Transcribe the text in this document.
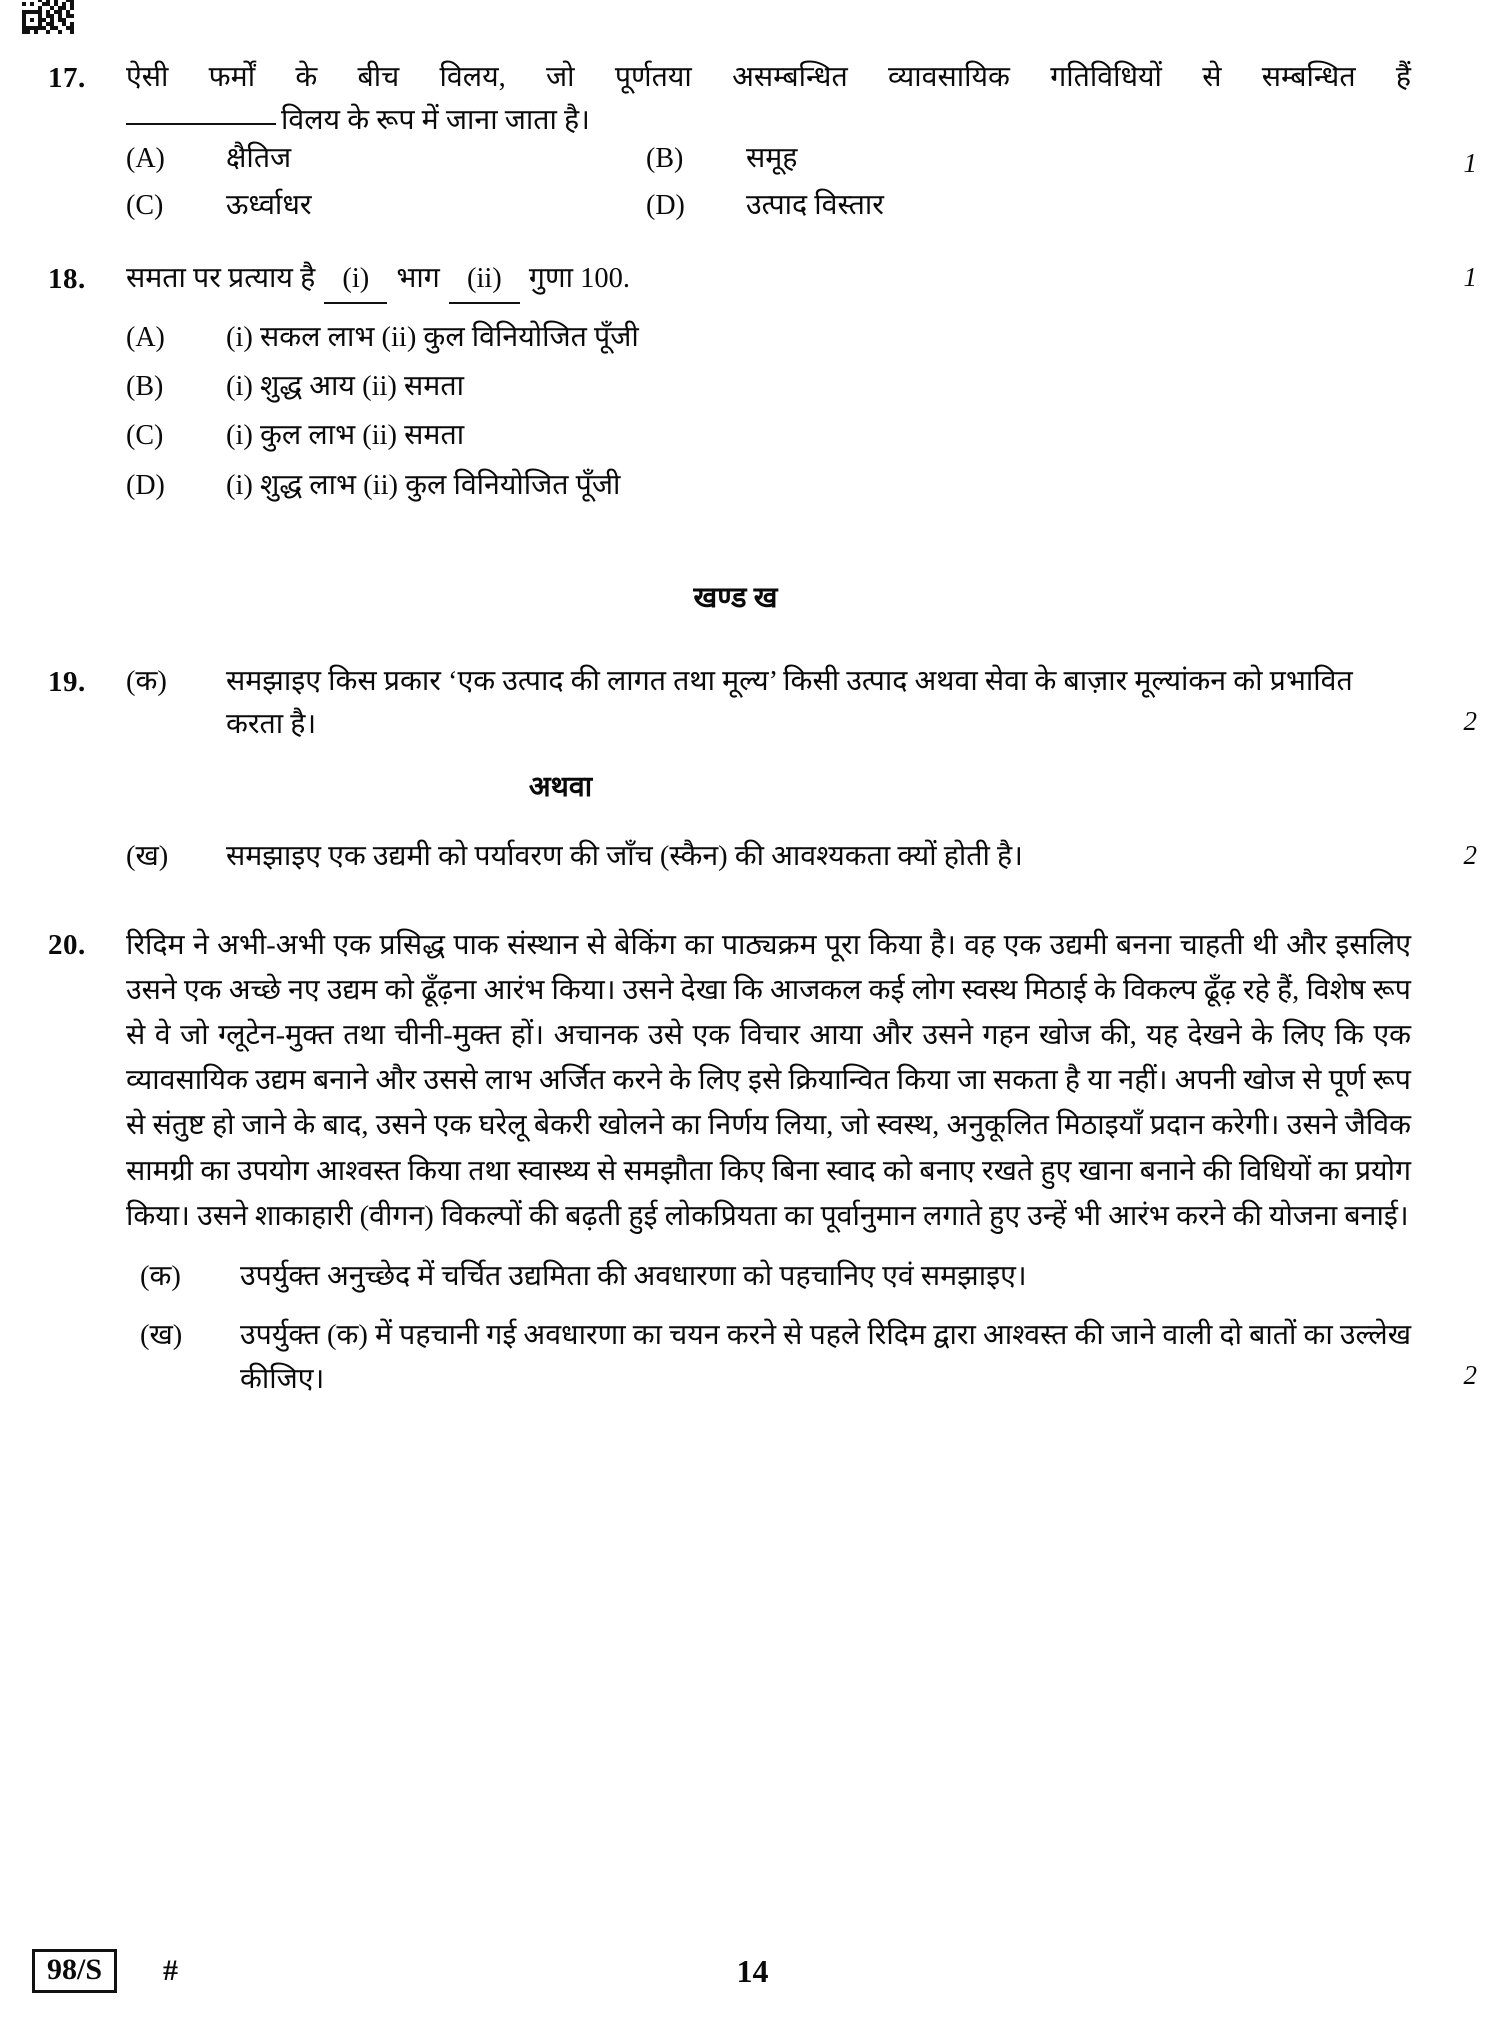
17.	ऐसी फर्मों के बीच विलय, जो पूर्णतया असम्बन्धित व्यावसायिक गतिविधियों से सम्बन्धित हैं
विलय के रूप में जाना जाता है।

1

(A)	क्षैतिज	(B)	समूह
(C)	ऊर्ध्वाधर	(D)	उत्पाद विस्तार

18.	समता पर प्रत्याय है (i) भाग (ii) गुणा 100.
(A)	(i) सकल लाभ (ii) कुल विनियोजित पूँजी
(B)	(i) शुद्ध आय (ii) समता
(C)	(i) कुल लाभ (ii) समता
(D)	(i) शुद्ध लाभ (ii) कुल विनियोजित पूँजी
1
खण्ड ख
19.	(क)	समझाइए किस प्रकार ‘एक उत्पाद की लागत तथा मूल्य’ किसी उत्पाद अथवा सेवा के बाज़ार मूल्यांकन को प्रभावित करता है।

	2
अथवा

(ख)	समझाइए एक उद्यमी को पर्यावरण की जाँच (स्कैन) की आवश्यकता क्यों होती है।	2
20.	रिदिम ने अभी-अभी एक प्रसिद्ध पाक संस्थान से बेकिंग का पाठ्यक्रम पूरा किया है। वह एक उद्यमी बनना चाहती थी और इसलिए उसने एक अच्छे नए उद्यम को ढूँढ़ना आरंभ किया। उसने देखा कि आजकल कई लोग स्वस्थ मिठाई के विकल्प ढूँढ़ रहे हैं, विशेष रूप से वे जो ग्लूटेन-मुक्त तथा चीनी-मुक्त हों। अचानक उसे एक विचार आया और उसने गहन खोज की, यह देखने के लिए कि एक व्यावसायिक उद्यम बनाने और उससे लाभ अर्जित करने के लिए इसे क्रियान्वित किया जा सकता है या नहीं। अपनी खोज से पूर्ण रूप से संतुष्ट हो जाने के बाद, उसने एक घरेलू बेकरी खोलने का निर्णय लिया, जो स्वस्थ, अनुकूलित मिठाइयाँ प्रदान करेगी। उसने जैविक सामग्री का उपयोग आश्वस्त किया तथा स्वास्थ्य से समझौता किए बिना स्वाद को बनाए रखते हुए खाना बनाने की विधियों का प्रयोग किया। उसने शाकाहारी (वीगन) विकल्पों की बढ़ती हुई लोकप्रियता का पूर्वानुमान लगाते हुए उन्हें भी आरंभ करने की योजना बनाई।
(क)	उपर्युक्त अनुच्छेद में चर्चित उद्यमिता की अवधारणा को पहचानिए एवं समझाइए।
(ख)	उपर्युक्त (क) में पहचानी गई अवधारणा का चयन करने से पहले रिदिम द्वारा आश्वस्त की जाने वाली दो बातों का उल्लेख कीजिए।

	2
98/S	#	14
